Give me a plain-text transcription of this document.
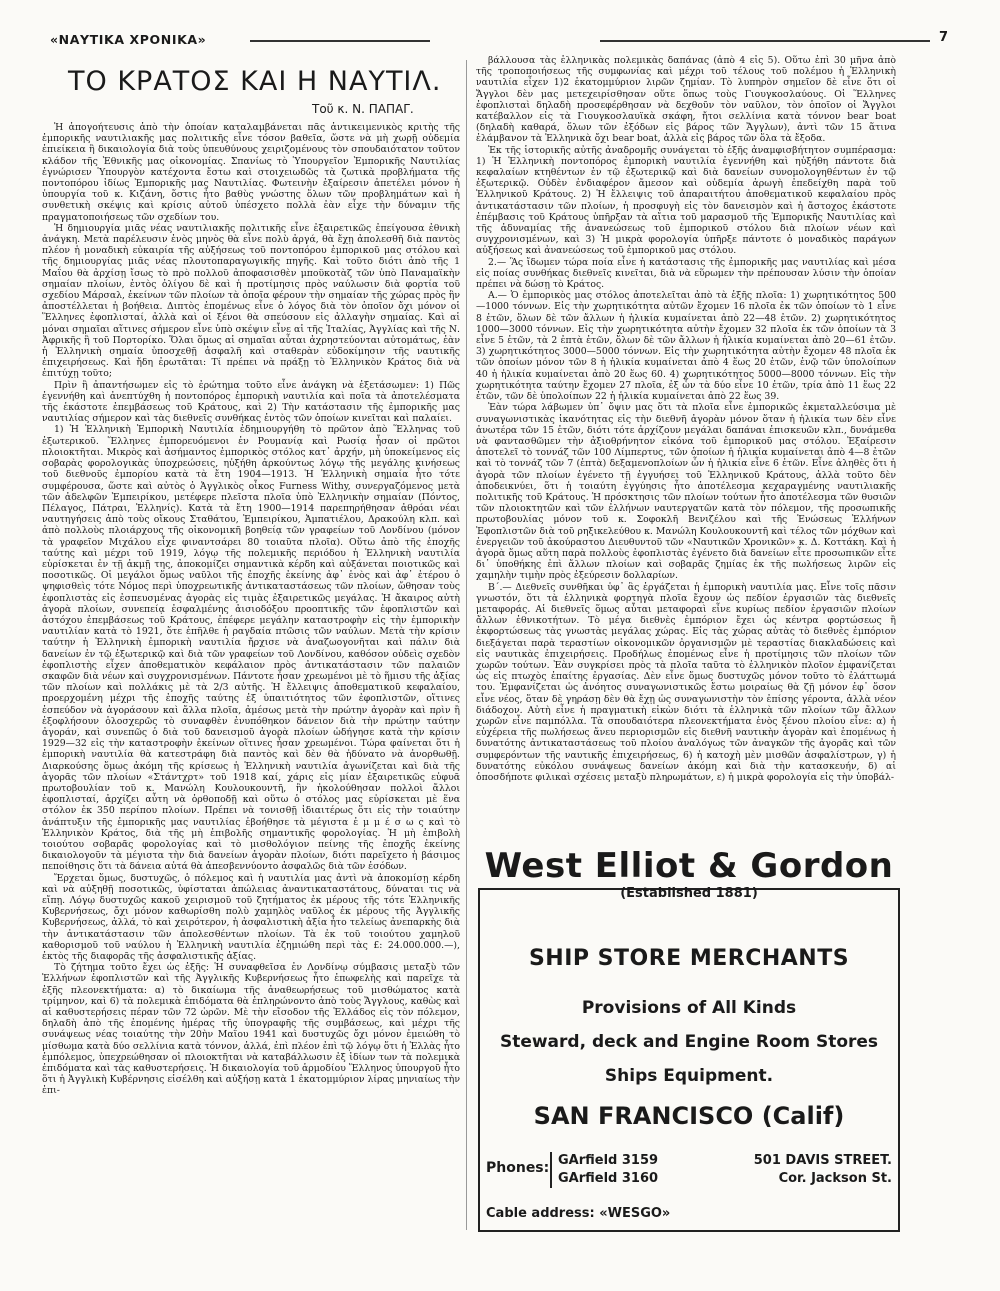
«ΝΑΥΤΙΚΑ ΧΡΟΝΙΚΑ»	7
ΤΟ ΚΡΑΤΟΣ ΚΑΙ Η ΝΑΥΤΙΛ.
Τοῦ κ. Ν. ΠΑΠΑΓ.

Ἡ ἀπογοήτευσις ἀπὸ τὴν ὁποίαν καταλαμβάνεται πᾶς ἀντικειμενικὸς κριτὴς τῆς ἐμπορικῆς ναυτιλιακῆς μας πολιτικῆς εἶνε τόσον βαθεῖα, ὥστε νὰ μὴ χωρῇ οὐδεμία ἐπιείκεια ἢ δικαιολογία διὰ τοὺς ὑπευθύνους χειριζομένους τὸν σπουδαιότατον τοῦτον κλάδον τῆς Ἐθνικῆς μας οἰκονομίας. Σπανίως τὸ Ὑπουργεῖον Ἐμπορικῆς Ναυτιλίας ἐγνώρισεν Ὑπουργὸν κατέχοντα ἔστω καὶ στοιχειωδῶς τὰ ζωτικὰ προβλήματα τῆς ποντοπόρου ἰδίως Ἐμπορικῆς μας Ναυτιλίας. Φωτεινὴν ἐξαίρεσιν ἀπετέλει μόνον ἡ ὑπουργία τοῦ κ. Κιζάνη, ὅστις ἦτο βαθὺς γνώστης ὅλων τῶν προβλημάτων καὶ ἡ συνθετικὴ σκέψις καὶ κρίσις αὐτοῦ ὑπέσχετο πολλὰ ἐὰν εἶχε τὴν δύναμιν τῆς πραγματοποιήσεως τῶν σχεδίων του.

Ἡ δημιουργία μιᾶς νέας ναυτιλιακῆς πολιτικῆς εἶνε ἐξαιρετικῶς ἐπείγουσα ἐθνικὴ ἀνάγκη. Μετὰ παρέλευσιν ἑνὸς μηνὸς θὰ εἶνε πολὺ ἀργά, θὰ ἔχῃ ἀπολεσθῆ διὰ παντὸς πλέον ἡ μοναδικὴ εὐκαιρία τῆς αὐξήσεως τοῦ ποντοπόρου ἐμπορικοῦ μας στόλου καὶ τῆς δημιουργίας μιᾶς νέας πλουτοπαραγωγικῆς πηγῆς. Καὶ τοῦτο διότι ἀπὸ τῆς 1 Μαΐου θὰ ἀρχίσῃ ἴσως τὸ πρὸ πολλοῦ ἀποφασισθὲν μποϋκοτὰζ τῶν ὑπὸ Παναμαϊκὴν σημαίαν πλοίων, ἐντὸς ὀλίγου δὲ καὶ ἡ προτίμησις πρὸς ναύλωσιν διὰ φορτία τοῦ σχεδίου Μάρσαλ, ἐκείνων τῶν πλοίων τὰ ὁποῖα φέρουν τὴν σημαίαν τῆς χώρας πρὸς ἣν ἀποστέλλεται ἡ βοήθεια. Διπτὸς ἑπομένως εἶνε ὁ λόγος διὰ τὸν ὁποῖον ὄχι μόνον οἱ Ἕλληνες ἐφοπλισταί, ἀλλὰ καὶ οἱ ξένοι θὰ σπεύσουν εἰς ἀλλαγὴν σημαίας. Καὶ αἱ μόναι σημαῖαι αἵτινες σήμερον εἶνε ὑπὸ σκέψιν εἶνε αἱ τῆς Ἰταλίας, Ἀγγλίας καὶ τῆς Ν. Ἀφρικῆς ἢ τοῦ Πορτορίκο. Ὅλαι ὅμως αἱ σημαῖαι αὗται ἀχρηστεύονται αὐτομάτως, ἐὰν ἡ Ἑλληνικὴ σημαία ὑποσχεθῇ ἀσφαλῆ καὶ σταθερὰν εὐδοκίμησιν τῆς ναυτικῆς ἐπιχειρήσεως. Καὶ ἤδη ἐρωτᾶται: Τί πρέπει νὰ πράξῃ τὸ Ἑλληνικὸν Κράτος διὰ νὰ ἐπιτύχῃ τοῦτο;

Πρὶν ἢ ἀπαντήσωμεν εἰς τὸ ἐρώτημα τοῦτο εἶνε ἀνάγκη νὰ ἐξετάσωμεν: 1) Πῶς ἐγεννήθη καὶ ἀνεπτύχθη ἡ ποντοπόρος ἐμπορικὴ ναυτιλία καὶ ποῖα τὰ ἀποτελέσματα τῆς ἑκάστοτε ἐπεμβάσεως τοῦ Κράτους, καὶ 2) Τὴν κατάστασιν τῆς ἐμπορικῆς μας ναυτιλίας σήμερον καὶ τὰς διεθνεῖς συνθήκας ἐντὸς τῶν ὁποίων κινεῖται καὶ παλαίει.

1) Ἡ Ἑλληνικὴ Ἐμπορικὴ Ναυτιλία ἐδημιουργήθη τὸ πρῶτον ἀπὸ Ἕλληνας τοῦ ἐξωτερικοῦ. Ἕλληνες ἐμπορευόμενοι ἐν Ρουμανίᾳ καὶ Ρωσίᾳ ἦσαν οἱ πρῶτοι πλοιοκτῆται. Μικρὸς καὶ ἀσήμαντος ἐμπορικὸς στόλος κατ᾽ ἀρχήν, μὴ ὑποκείμενος εἰς σοβαρὰς φορολογικὰς ὑποχρεώσεις, ηὐξήθη ἀρκούντως λόγῳ τῆς μεγάλης κινήσεως τοῦ διεθνοῦς ἐμπορίου κατὰ τὰ ἔτη 1904—1913. Ἡ Ἑλληνικὴ σημαία ἦτο τότε συμφέρουσα, ὥστε καὶ αὐτὸς ὁ Ἀγγλικὸς οἶκος Furness Withy, συνεργαζόμενος μετὰ τῶν ἀδελφῶν Ἐμπειρίκου, μετέφερε πλεῖστα πλοῖα ὑπὸ Ἑλληνικὴν σημαίαν (Πόντος, Πέλαγος, Πάτραι, Ἑλληνίς). Κατὰ τὰ ἔτη 1900—1914 παρεπηρήθησαν ἀθρόαι νέαι ναυτηγήσεις ἀπὸ τοὺς οἴκους Σταθάτου, Ἐμπειρίκου, Ἀμπατιέλου, Δρακούλη κλπ. καὶ ἀπὸ πολλοὺς πλοιάρχους τῆς οἰκονομικῆ βοηθείᾳ τῶν γραφείων τοῦ Λονδίνου (μόνον τὰ γραφεῖον Μιχάλου εἶχε φιναντσάρει 80 τοιαῦτα πλοῖα). Οὕτω ἀπὸ τῆς ἐποχῆς ταύτης καὶ μέχρι τοῦ 1919, λόγῳ τῆς πολεμικῆς περιόδου ἡ Ἑλληνικὴ ναυτιλία εὑρίσκεται ἐν τῇ ἀκμῇ της, ἀποκομίζει σημαντικὰ κέρδη καὶ αὐξάνεται ποιοτικῶς καὶ ποσοτικῶς. Οἱ μεγάλοι ὅμως ναῦλοι τῆς ἐποχῆς ἐκείνης ἀφ᾽ ἑνὸς καὶ ἀφ᾽ ἑτέρου ὁ ψηφισθεὶς τότε Νόμος περὶ ὑποχρεωτικῆς ἀντικαταστάσεως τῶν πλοίων, ὤθησαν τοὺς ἐφοπλιστὰς εἰς ἐσπευσμένας ἀγορὰς εἰς τιμὰς ἐξαιρετικῶς μεγάλας. Ἡ ἄκαιρος αὐτὴ ἀγορὰ πλοίων, συνεπείᾳ ἐσφαλμένης ἀισιοδόξου προοπτικῆς τῶν ἐφοπλιστῶν καὶ ἀστόχου ἐπεμβάσεως τοῦ Κράτους, ἐπέφερε μεγάλην καταστροφὴν εἰς τὴν ἐμπορικὴν ναυτιλίαν κατὰ τὸ 1921, ὅτε ἐπῆλθε ἡ ραγδαία πτῶσις τῶν ναύλων. Μετὰ τὴν κρίσιν ταύτην ἡ Ἑλληνικὴ ἐμπορικὴ ναυτιλία ἤρχισε νὰ ἀναζωογονῆται καὶ πάλιν διὰ δανείων ἐν τῷ ἐξωτερικῷ καὶ διὰ τῶν γραφείων τοῦ Λονδίνου, καθόσον οὐδεὶς σχεδὸν ἐφοπλιστὴς εἶχεν ἀποθεματικὸν κεφάλαιον πρὸς ἀντικατάστασιν τῶν παλαιῶν σκαφῶν διὰ νέων καὶ συγχρονισμένων. Πάντοτε ἦσαν χρεωμένοι μὲ τὸ ἥμισυ τῆς ἀξίας τῶν πλοίων καὶ πολλάκις μὲ τὰ 2/3 αὐτῆς. Ἡ ἔλλειψις ἀποθεματικοῦ κεφαλαίου, προερχομένη μέχρι τῆς ἐποχῆς ταύτης ἐξ ὑπαιτιότητος τῶν ἐφοπλιστῶν, οἵτινες ἐσπεύδον νὰ ἀγοράσουν καὶ ἄλλα πλοῖα, ἀμέσως μετὰ τὴν πρώτην ἀγορὰν καὶ πρὶν ἢ ἐξοφλήσουν ὁλοσχερῶς τὸ συναφθὲν ἐνυπόθηκον δάνειον διὰ τὴν πρώτην ταύτην ἀγοράν, καὶ συνεπῶς ὁ διὰ τοῦ δανεισμοῦ ἀγορὰ πλοίων ὡδήγησε κατὰ τὴν κρίσιν 1929—32 εἰς τὴν καταστροφὴν ἐκείνων οἵτινες ἦσαν χρεωμένοι. Τώρα φαίνεται ὅτι ἡ ἐμπορικὴ ναυτιλία θὰ κατεστράφη διὰ παντὸς καὶ δὲν θὰ ἠδύνατο νὰ ἀνορθωθῇ. Διαρκούσης ὅμως ἀκόμη τῆς κρίσεως ἡ Ἑλληνικὴ ναυτιλία ἀγωνίζεται καὶ διὰ τῆς ἀγορᾶς τῶν πλοίων «Στάντχρτ» τοῦ 1918 καί, χάρις εἰς μίαν ἐξαιρετικῶς εὐφυᾶ πρωτοβουλίαν τοῦ κ. Μανώλη Κουλουκουντῆ, ἢν ἠκολούθησαν πολλοὶ ἄλλοι ἐφοπλισταί, ἀρχίζει αὖτη νὰ ὀρθοποδῇ καὶ οὕτω ὁ στόλος μας εὑρίσκεται μὲ ἕνα στόλον ἐκ 350 περίπου πλοίων. Πρέπει νὰ τονισθῇ ἰδιαιτέρως ὅτι εἰς τὴν τοιαύτην ἀνάπτυξιν τῆς ἐμπορικῆς μας ναυτιλίας ἐβοήθησε τὰ μέγιστα ἐ μ μ έ σ ω ς καὶ τὸ Ἑλληνικὸν Κράτος, διὰ τῆς μὴ ἐπιβολῆς σημαντικῆς φορολογίας. Ἡ μὴ ἐπιβολὴ τοιούτου σοβαρᾶς φορολογίας καὶ τὸ μισθολόγιον πείνης τῆς ἐποχῆς ἐκείνης δικαιολογοῦν τὰ μέγιστα τὴν διὰ δανείων ἀγορὰν πλοίων, διότι παρεῖχετο ἡ βάσιμος πεποίθησις ὅτι τὰ δάνεια αὐτά θὰ ἀπεσβεννύοντο ἀσφαλῶς διὰ τῶν ἐσόδων.

Ἔρχεται ὅμως, δυστυχῶς, ὁ πόλεμος καὶ ἡ ναυτιλία μας ἀντὶ νὰ ἀποκομίσῃ κέρδη καὶ νὰ αὐξηθῇ ποσοτικῶς, ὑφίσταται ἀπώλειας ἀναντικαταστάτους, δύναται τις νὰ εἴπῃ. Λόγῳ δυστυχῶς κακοῦ χειρισμοῦ τοῦ ζητήματος ἐκ μέρους τῆς τότε Ἑλληνικῆς Κυβερνήσεως, ὄχι μόνον καθωρίσθη πολὺ χαμηλὸς ναῦλος ἐκ μέρους τῆς Ἀγγλικῆς Κυβερνήσεως, ἀλλά, τὸ καὶ χειρότερον, ἡ ἀσφαλιστικὴ ἀξία ἦτο τελείως ἀνεπαρκὴς διὰ τὴν ἀντικατάστασιν τῶν ἀπολεσθέντων πλοίων. Τὰ ἐκ τοῦ τοιούτου χαμηλοῦ καθορισμοῦ τοῦ ναύλου ἡ Ἑλληνικὴ ναυτιλία ἐζημιώθη περὶ τὰς £: 24.000.000.—), ἐκτὸς τῆς διαφορᾶς τῆς ἀσφαλιστικῆς ἀξίας.

Τὸ ζήτημα τοῦτο ἔχει ὡς ἑξῆς: Ἡ συναφθεῖσα ἐν Λονδίνῳ σύμβασις μεταξὺ τῶν Ἑλλήνων ἐφοπλιστῶν καὶ τῆς Ἀγγλικῆς Κυβερνήσεως ἦτο ἐπωφελὴς καὶ παρεῖχε τὰ ἑξῆς πλεονεκτήματα: α) τὸ δικαίωμα τῆς ἀναθεωρήσεως τοῦ μισθώματος κατὰ τρίμηνον, καὶ 6) τὰ πολεμικὰ ἐπιδόματα θὰ ἐπληρώνοντο ἀπὸ τοὺς Ἄγγλους, καθὼς καὶ αἱ καθυστερήσεις πέραν τῶν 72 ὡρῶν. Μὲ τὴν εἴσοδον τῆς Ἑλλάδος εἰς τὸν πόλεμον, δηλαδὴ ἀπὸ τῆς ἐπομένης ἡμέρας τῆς ὑπογραφῆς τῆς συμβάσεως, καὶ μέχρι τῆς συνάψεως νέας τοιαύτης τὴν 20ὴν Μαΐου 1941 καὶ δυστυχῶς ὄχι μόνον ἐμειώθη τὸ μίσθωμα κατὰ δύο σελλίνια κατὰ τόννον, ἀλλά, ἐπὶ πλέον ἐπὶ τῷ λόγῳ ὅτι ἡ Ἑλλὰς ἦτο ἐμπόλεμος, ὑπεχρεώθησαν οἱ πλοιοκτῆται νὰ καταβάλλωσιν ἐξ ἰδίων των τὰ πολεμικὰ ἐπιδόματα καὶ τὰς καθυστερήσεις. Ἡ δικαιολογία τοῦ ἁρμοδίου Ἕλληνος ὑπουργοῦ ἦτο ὅτι ἡ Ἀγγλικὴ Κυβέρνησις εἰσέλθη καὶ αὐξήσῃ κατὰ 1 ἑκατομμύριον λίρας μηνιαίως τὴν ἐπι-

βάλλουσα τὰς ἑλληνικὰς πολεμικὰς δαπάνας (ἀπὸ 4 εἰς 5). Οὕτω ἐπὶ 30 μῆνα ἀπὸ τῆς τροποποιήσεως τῆς συμφωνίας καὶ μέχρι τοῦ τέλους τοῦ πολέμου ἡ Ἑλληνικὴ ναυτιλία εἶχεν 1)2 ἑκατομμύριον λιρῶν ζημίαν. Τὸ λυπηρὸν σημεῖον δὲ εἶνε ὅτι οἱ Ἄγγλοι δὲν μας μετεχειρίσθησαν οὕτε ὅπως τοὺς Γιουγκοσλαύους. Οἱ Ἕλληνες ἐφοπλισταὶ δηλαδὴ προσεφέρθησαν νὰ δεχθοῦν τὸν ναῦλον, τὸν ὁποῖον οἱ Ἄγγλοι κατέβαλλον εἰς τὰ Γιουγκοσλαυϊκὰ σκάφη, ἤτοι σελλίνια κατὰ τόννον bear boat (δηλαδὴ καθαρά, ὅλων τῶν ἐξόδων εἰς βάρος τῶν Ἄγγλων), ἀντὶ τῶν 15 ἅτινα ἐλάμβανον τὰ Ἑλληνικὰ ὄχι bear boat, ἀλλὰ εἰς βάρος τῶν ὅλα τὰ ἔξοδα.

Ἐκ τῆς ἱστορικῆς αὐτῆς ἀναδρομῆς συνάγεται τὸ ἑξῆς ἀναμφισβήτητον συμπέρασμα: 1) Ἡ Ἑλληνικὴ ποντοπόρος ἐμπορικὴ ναυτιλία ἐγεννήθη καὶ ηὐξήθη πάντοτε διὰ κεφαλαίων κτηθέντων ἐν τῷ ἐξωτερικῷ καὶ διὰ δανείων συνομολογηθέντων ἐν τῷ ἐξωτερικῷ. Οὐδὲν ἐνδιαφέρον ἄμεσον καὶ οὐδεμία ἀρωγὴ ἐπεδείχθη παρὰ τοῦ Ἑλληνικοῦ Κράτους. 2) Ἡ ἔλλειψις τοῦ ἀπαραιτήτου ἀποθεματικοῦ κεφαλαίου πρὸς ἀντικατάστασιν τῶν πλοίων, ἡ προσφυγὴ εἰς τὸν δανεισμὸν καὶ ἡ ἄστοχος ἑκάστοτε ἐπέμβασις τοῦ Κράτους ὑπῆρξαν τὰ αἴτια τοῦ μαρασμοῦ τῆς Ἐμπορικῆς Ναυτιλίας καὶ τῆς ἀδυναμίας τῆς ἀνανεώσεως τοῦ ἐμπορικοῦ στόλου διὰ πλοίων νέων καὶ συγχρονισμένων, καὶ 3) Ἡ μικρὰ φορολογία ὑπῆρξε πάντοτε ὁ μοναδικὸς παράγων αὐξήσεως καὶ ἀνανεώσεως τοῦ ἐμπορικοῦ μας στόλου.

2.— Ἂς ἴδωμεν τώρα ποία εἶνε ἡ κατάστασις τῆς ἐμπορικῆς μας ναυτιλίας καὶ μέσα εἰς ποίας συνθήκας διεθνεῖς κινεῖται, διὰ νὰ εὕρωμεν τὴν πρέπουσαν λύσιν τὴν ὁποίαν πρέπει νὰ δώσῃ τὸ Κράτος.

Α.— Ὁ ἐμπορικὸς μας στόλος ἀποτελεῖται ἀπὸ τὰ ἑξῆς πλοῖα: 1) χωρητικότητος 500—1000 τόννων. Εἰς τὴν χωρητικότητα αὐτῶν ἔχομεν 16 πλοῖα ἐκ τῶν ὁποίων τὸ 1 εἶνε 8 ἐτῶν, ὅλων δὲ τῶν ἄλλων ἡ ἡλικία κυμαίνεται ἀπὸ 22—48 ἐτῶν. 2) χωρητικότητος 1000—3000 τόννων. Εἰς τὴν χωρητικότητα αὐτὴν ἔχομεν 32 πλοῖα ἐκ τῶν ὁποίων τὰ 3 εἶνε 5 ἐτῶν, τὰ 2 ἐπτὰ ἐτῶν, ὅλων δὲ τῶν ἄλλων ἡ ἡλικία κυμαίνεται ἀπὸ 20—61 ἐτῶν. 3) χωρητικότητος 3000—5000 τόννων. Εἰς τὴν χωρητικότητα αὐτὴν ἔχομεν 48 πλοῖα ἐκ τῶν ὁποίων μόνον τῶν 8 ἡ ἡλικία κυμαίνεται ἀπὸ 4 ἕως 20 ἐτῶν, ἐνῷ τῶν ὑπολοίπων 40 ἡ ἡλικία κυμαίνεται ἀπὸ 20 ἕως 60. 4) χωρητικότητος 5000—8000 τόννων. Εἰς τὴν χωρητικότητα ταύτην ἔχομεν 27 πλοῖα, ἐξ ὧν τὰ δύο εἶνε 10 ἐτῶν, τρία ἀπὸ 11 ἕως 22 ἐτῶν, τῶν δὲ ὑπολοίπων 22 ἡ ἡλικία κυμαίνεται ἀπὸ 22 ἕως 39.

Ἐὰν τώρα λάβωμεν ὑπ᾽ ὄψιν μας ὅτι τὰ πλοῖα εἶνε ἐμπορικῶς ἐκμεταλλεύσιμα μὲ συναγωνιστικὰς ἱκανότητας εἰς τὴν διεθνῆ ἀγορὰν μόνον ὅταν ἡ ἡλικία των δὲν εἶνε ἀνωτέρα τῶν 15 ἐτῶν, διότι τότε ἀρχίζουν μεγάλαι δαπάναι ἐπισκευῶν κλπ., δυνάμεθα νὰ φαντασθῶμεν τὴν ἀξιοθρήνητον εἰκόνα τοῦ ἐμπορικοῦ μας στόλου. Ἐξαίρεσιν ἀποτελεῖ τὸ τοννάζ τῶν 100 Λίμπερτυς, τῶν ὁποίων ἡ ἡλικία κυμαίνεται ἀπὸ 4—8 ἐτῶν καὶ τὸ τοννάζ τῶν 7 (ἑπτὰ) δεξαμενοπλοίων ὧν ἡ ἡλικία εἶνε 6 ἐτῶν. Εἶνε ἀληθὲς ὅτι ἡ ἀγορὰ τῶν πλοίων ἐγένετο τῇ ἐγγυήσει τοῦ Ἑλληνικοῦ Κράτους, ἀλλὰ τοῦτο δὲν ἀποδεικνύει, ὅτι ἡ τοιαύτη ἐγγύησις ἦτο ἀποτέλεσμα κεχαραγμένης ναυτιλιακῆς πολιτικῆς τοῦ Κράτους. Ἡ πρόσκτησις τῶν πλοίων τούτων ἦτο ἀποτέλεσμα τῶν θυσιῶν τῶν πλοιοκτητῶν καὶ τῶν ἐλλήνων ναυτεργατῶν κατὰ τὸν πόλεμον, τῆς προσωπικῆς πρωτοβουλίας μόνον τοῦ κ. Σοφοκλῆ Βενιζέλου καὶ τῆς Ἑνώσεως Ἑλλήνων Ἐφοπλιστῶν διὰ τοῦ ρηξικελεύθου κ. Μανώλη Κουλουκουντῆ καὶ τέλος τῶν μόχθων καὶ ἐνεργειῶν τοῦ ἀκούραστου Διευθυντοῦ τῶν «Ναυτικῶν Χρονικῶν» κ. Δ. Κοττάκη. Καὶ ἡ ἀγορὰ ὅμως αὕτη παρὰ πολλοὺς ἐφοπλιστὰς ἐγένετο διὰ δανείων εἶτε προσωπικῶν εἶτε δι᾽ ὑποθήκης ἐπὶ ἄλλων πλοίων καὶ σοβαρᾶς ζημίας ἐκ τῆς πωλήσεως λιρῶν εἰς χαμηλὴν τιμὴν πρὸς ἐξεύρεσιν δολλαρίων.

Β΄.— Διεθνεῖς συνθῆκαι ὑφ᾽ ἃς ἐργάζεται ἡ ἐμπορικὴ ναυτιλία μας. Εἶνε τοῖς πᾶσιν γνωστόν, ὅτι τὰ ἑλληνικὰ φορτηγὰ πλοῖα ἔχουν ὡς πεδίον ἐργασιῶν τὰς διεθνεῖς μεταφοράς. Αἱ διεθνεῖς ὅμως αὗται μεταφοραὶ εἶνε κυρίως πεδίον ἐργασιῶν πλοίων ἄλλων ἐθνικοτήτων. Τὸ μέγα διεθνὲς ἐμπόριον ἔχει ὡς κέντρα φορτώσεως ἢ ἐκφορτώσεως τὰς γνωστὰς μεγάλας χώρας. Εἰς τὰς χώρας αὐτὰς τὸ διεθνὲς ἐμπόριον διεξάγεται παρὰ τεραστίων οἰκονομικῶν ὀργανισμῶν μὲ τεραστίας διακλαδώσεις καὶ εἰς ναυτικὰς ἐπιχειρήσεις. Προδήλως ἐπομένως εἶνε ἡ προτίμησις τῶν πλοίων τῶν χωρῶν τούτων. Ἐὰν συγκρίσει πρὸς τὰ πλοῖα ταῦτα τὸ ἑλληνικὸν πλοῖον ἐμφανίζεται ὡς εἰς πτωχὸς ἐπαίτης ἐργασίας. Δὲν εἶνε ὅμως δυστυχῶς μόνον τοῦτο τὸ ἐλάττωμά του. Ἐμφανίζεται ὡς ἀνόητος συναγωνιστικῶς ἔστω μοιραίως θὰ ζῇ μόνον ἐφ᾽ ὅσον εἶνε νέος, ὅταν δὲ γηράσῃ δὲν θὰ ἔχῃ ὡς συναγωνιστὴν τὸν ἐπίσης γέροντα, ἀλλὰ νέον διάδοχον. Αὐτὴ εἶνε ἡ πραγματικὴ εἰκὼν διότι τὰ ἑλληνικὰ τῶν πλοίων τῶν ἄλλων χωρῶν εἶνε παμπόλλα. Τὰ σπουδαιότερα πλεονεκτήματα ἑνὸς ξένου πλοίου εἶνε: α) ἡ εὐχέρεια τῆς πωλήσεως ἄνευ περιορισμῶν εἰς διεθνῆ ναυτικὴν ἀγορὰν καὶ ἑπομένως ἡ δυνατότης ἀντικαταστάσεως τοῦ πλοίου ἀναλόγως τῶν ἀναγκῶν τῆς ἀγορᾶς καὶ τῶν συμφερόντων τῆς ναυτικῆς ἐπιχειρήσεως, 6) ἡ κατοχὴ μὲν μισθῶν ἀσφαλίστρων, γ) ἡ δυνατότης εὐκόλου συνάψεως δανείων ἀκόμη καὶ διὰ τὴν κατασκευήν, δ) αἱ ὁποσδήποτε φιλικαὶ σχέσεις μεταξὺ πληρωμάτων, ε) ἡ μικρὰ φορολογία εἰς τὴν ὑποβάλ-

West Elliot & Gordon
(Established 1881)
SHIP STORE MERCHANTS
Provisions of All Kinds
Steward, deck and Engine Room Stores
Ships Equipment.
SAN FRANCISCO (Calif)
Phones: GArfield 3159
GArfield 3160
501 DAVIS STREET.
Cor. Jackson St.
Cable address: «WESGO»
